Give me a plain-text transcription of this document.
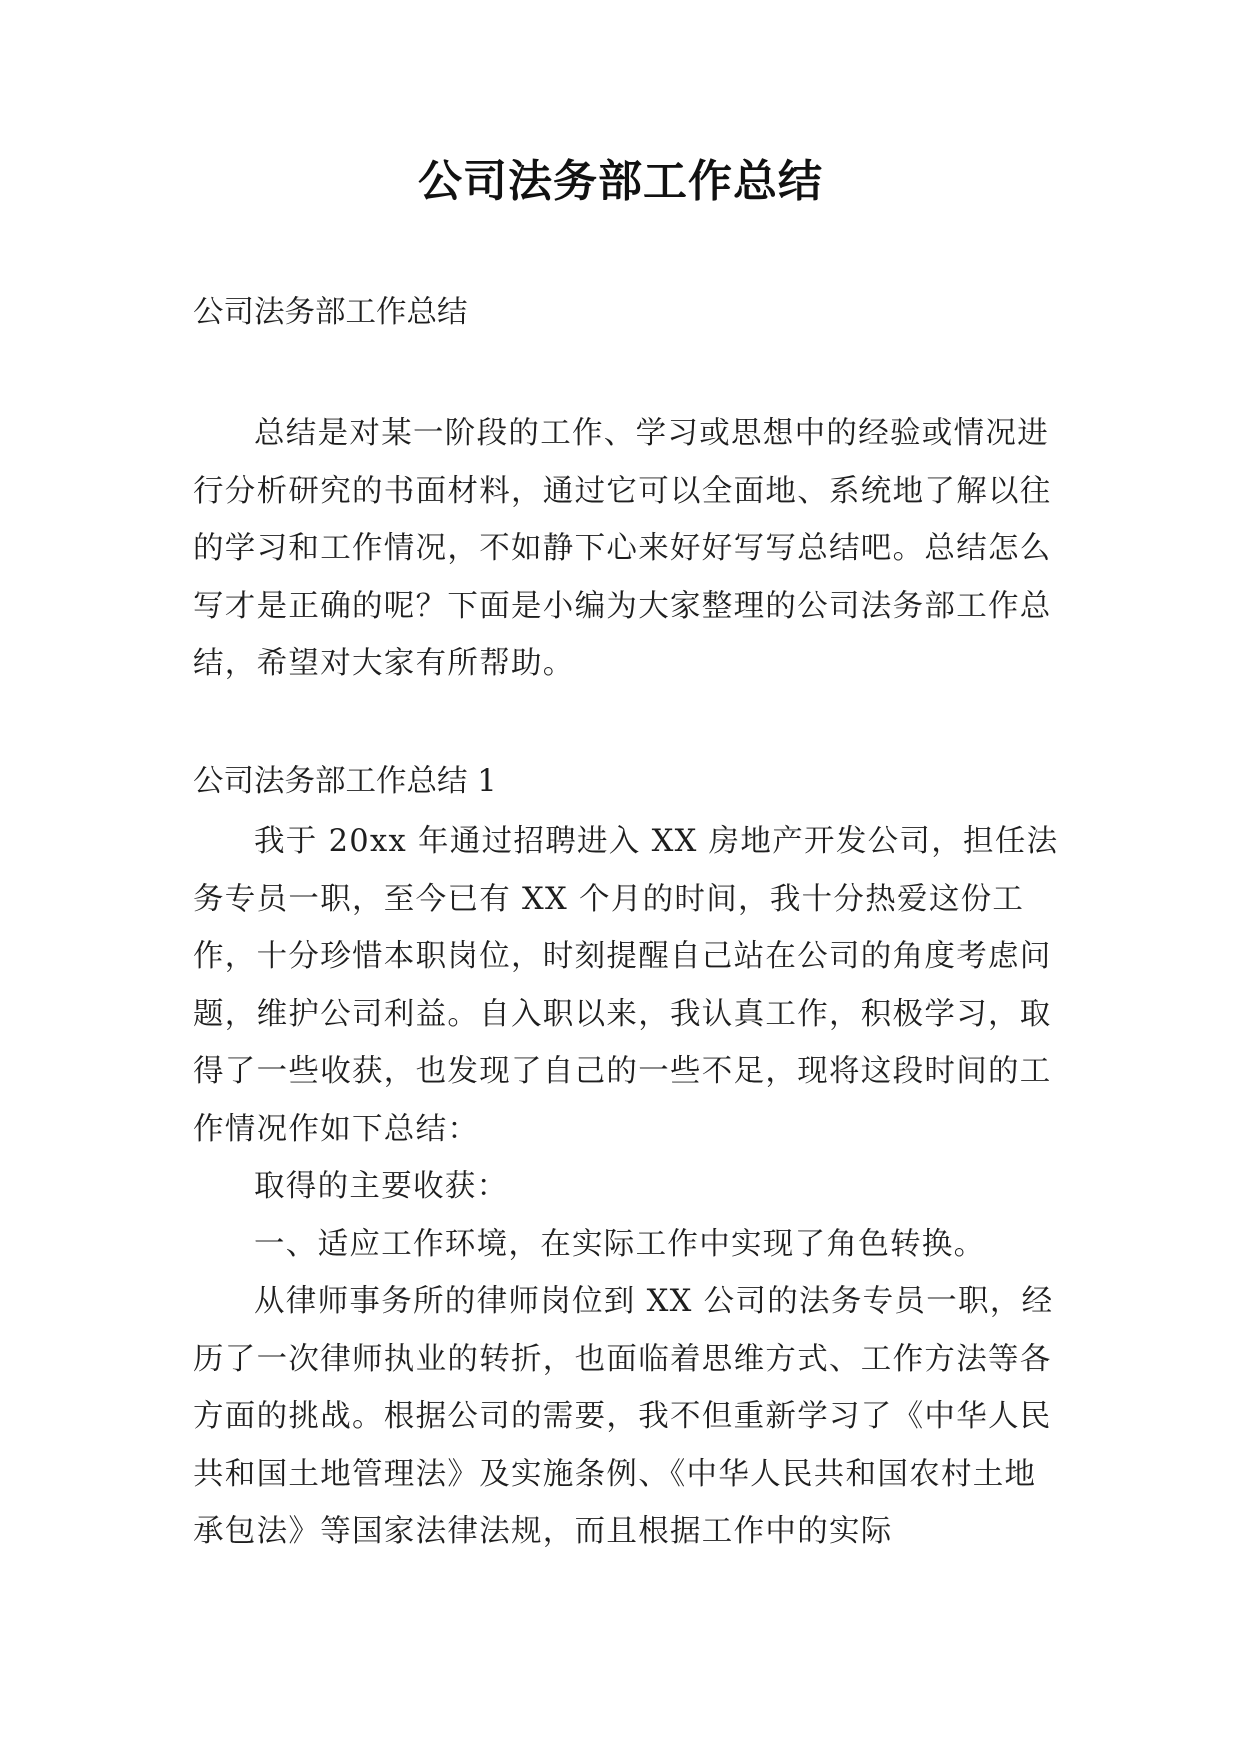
公司法务部工作总结
公司法务部工作总结

总结是对某一阶段的工作、学习或思想中的经验或情况进行分析研究的书面材料，通过它可以全面地、系统地了解以往的学习和工作情况，不如静下心来好好写写总结吧。总结怎么写才是正确的呢？下面是小编为大家整理的公司法务部工作总结，希望对大家有所帮助。

公司法务部工作总结 1

我于 20xx 年通过招聘进入 XX 房地产开发公司，担任法务专员一职，至今已有 XX 个月的时间，我十分热爱这份工作，十分珍惜本职岗位，时刻提醒自己站在公司的角度考虑问题，维护公司利益。自入职以来，我认真工作，积极学习，取得了一些收获，也发现了自己的一些不足，现将这段时间的工作情况作如下总结：

取得的主要收获：

一、适应工作环境，在实际工作中实现了角色转换。

从律师事务所的律师岗位到 XX 公司的法务专员一职，经历了一次律师执业的转折，也面临着思维方式、工作方法等各方面的挑战。根据公司的需要，我不但重新学习了《中华人民共和国土地管理法》及实施条例、《中华人民共和国农村土地承包法》等国家法律法规，而且根据工作中的实际
